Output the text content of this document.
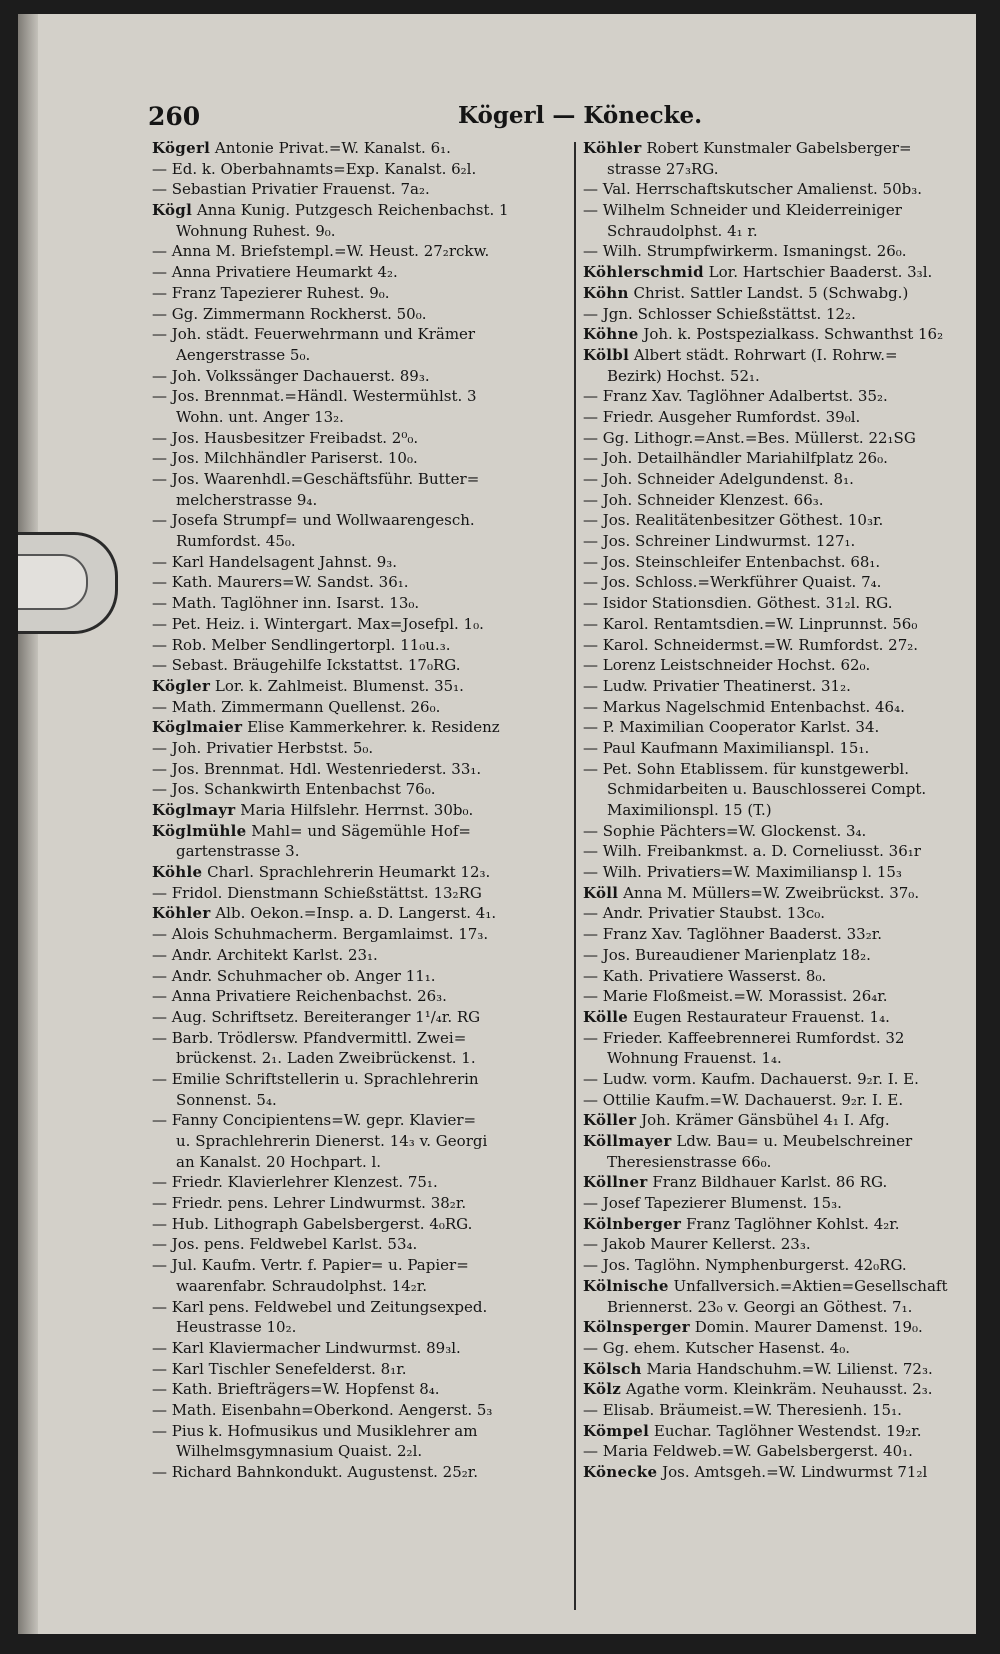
260	Kögerl — Könecke.
Kögerl Antonie Privat.=W. Kanalst. 6₁.
— Ed. k. Oberbahnamts=Exp. Kanalst. 6₂l.
— Sebastian Privatier Frauenst. 7a₂.
Kögl Anna Kunig. Putzgesch Reichenbachst. 1
Wohnung Ruhest. 9₀.
— Anna M. Briefstempl.=W. Heust. 27₂rckw.
— Anna Privatiere Heumarkt 4₂.
— Franz Tapezierer Ruhest. 9₀.
— Gg. Zimmermann Rockherst. 50₀.
— Joh. städt. Feuerwehrmann und Krämer
Aengerstrasse 5₀.
— Joh. Volkssänger Dachauerst. 89₃.
— Jos. Brennmat.=Händl. Westermühlst. 3
Wohn. unt. Anger 13₂.
— Jos. Hausbesitzer Freibadst. 2⁰₀.
— Jos. Milchhändler Pariserst. 10₀.
— Jos. Waarenhdl.=Geschäftsführ. Butter=
melcherstrasse 9₄.
— Josefa Strumpf= und Wollwaarengesch.
Rumfordst. 45₀.
— Karl Handelsagent Jahnst. 9₃.
— Kath. Maurers=W. Sandst. 36₁.
— Math. Taglöhner inn. Isarst. 13₀.
— Pet. Heiz. i. Wintergart. Max=Josefpl. 1₀.
— Rob. Melber Sendlingertorpl. 11₀u.₃.
— Sebast. Bräugehilfe Ickstattst. 17₀RG.
Kögler Lor. k. Zahlmeist. Blumenst. 35₁.
— Math. Zimmermann Quellenst. 26₀.
Köglmaier Elise Kammerkehrer. k. Residenz
— Joh. Privatier Herbstst. 5₀.
— Jos. Brennmat. Hdl. Westenriederst. 33₁.
— Jos. Schankwirth Entenbachst 76₀.
Köglmayr Maria Hilfslehr. Herrnst. 30b₀.
Köglmühle Mahl= und Sägemühle Hof=
gartenstrasse 3.
Köhle Charl. Sprachlehrerin Heumarkt 12₃.
— Fridol. Dienstmann Schießstättst. 13₂RG
Köhler Alb. Oekon.=Insp. a. D. Langerst. 4₁.
— Alois Schuhmacherm. Bergamlaimst. 17₃.
— Andr. Architekt Karlst. 23₁.
— Andr. Schuhmacher ob. Anger 11₁.
— Anna Privatiere Reichenbachst. 26₃.
— Aug. Schriftsetz. Bereiteranger 1¹/₄r. RG
— Barb. Trödlersw. Pfandvermittl. Zwei=
brückenst. 2₁. Laden Zweibrückenst. 1.
— Emilie Schriftstellerin u. Sprachlehrerin
Sonnenst. 5₄.
— Fanny Concipientens=W. gepr. Klavier=
u. Sprachlehrerin Dienerst. 14₃ v. Georgi
an Kanalst. 20 Hochpart. l.
— Friedr. Klavierlehrer Klenzest. 75₁.
— Friedr. pens. Lehrer Lindwurmst. 38₂r.
— Hub. Lithograph Gabelsbergerst. 4₀RG.
— Jos. pens. Feldwebel Karlst. 53₄.
— Jul. Kaufm. Vertr. f. Papier= u. Papier=
waarenfabr. Schraudolphst. 14₂r.
— Karl pens. Feldwebel und Zeitungsexped.
Heustrasse 10₂.
— Karl Klaviermacher Lindwurmst. 89₃l.
— Karl Tischler Senefelderst. 8₁r.
— Kath. Briefträgers=W. Hopfenst 8₄.
— Math. Eisenbahn=Oberkond. Aengerst. 5₃
— Pius k. Hofmusikus und Musiklehrer am
Wilhelmsgymnasium Quaist. 2₂l.
— Richard Bahnkondukt. Augustenst. 25₂r.
Köhler Robert Kunstmaler Gabelsberger=
strasse 27₃RG.
— Val. Herrschaftskutscher Amalienst. 50b₃.
— Wilhelm Schneider und Kleiderreiniger
Schraudolphst. 4₁ r.
— Wilh. Strumpfwirkerm. Ismaningst. 26₀.
Köhlerschmid Lor. Hartschier Baaderst. 3₃l.
Köhn Christ. Sattler Landst. 5 (Schwabg.)
— Jgn. Schlosser Schießstättst. 12₂.
Köhne Joh. k. Postspezialkass. Schwanthst 16₂
Kölbl Albert städt. Rohrwart (I. Rohrw.=
Bezirk) Hochst. 52₁.
— Franz Xav. Taglöhner Adalbertst. 35₂.
— Friedr. Ausgeher Rumfordst. 39₀l.
— Gg. Lithogr.=Anst.=Bes. Müllerst. 22₁SG
— Joh. Detailhändler Mariahilfplatz 26₀.
— Joh. Schneider Adelgundenst. 8₁.
— Joh. Schneider Klenzest. 66₃.
— Jos. Realitätenbesitzer Göthest. 10₃r.
— Jos. Schreiner Lindwurmst. 127₁.
— Jos. Steinschleifer Entenbachst. 68₁.
— Jos. Schloss.=Werkführer Quaist. 7₄.
— Isidor Stationsdien. Göthest. 31₂l. RG.
— Karol. Rentamtsdien.=W. Linprunnst. 56₀
— Karol. Schneidermst.=W. Rumfordst. 27₂.
— Lorenz Leistschneider Hochst. 62₀.
— Ludw. Privatier Theatinerst. 31₂.
— Markus Nagelschmid Entenbachst. 46₄.
— P. Maximilian Cooperator Karlst. 34.
— Paul Kaufmann Maximilianspl. 15₁.
— Pet. Sohn Etablissem. für kunstgewerbl.
Schmidarbeiten u. Bauschlosserei Compt.
Maximilionspl. 15 (T.)
— Sophie Pächters=W. Glockenst. 3₄.
— Wilh. Freibankmst. a. D. Corneliusst. 36₁r
— Wilh. Privatiers=W. Maximiliansp l. 15₃
Köll Anna M. Müllers=W. Zweibrückst. 37₀.
— Andr. Privatier Staubst. 13c₀.
— Franz Xav. Taglöhner Baaderst. 33₂r.
— Jos. Bureaudiener Marienplatz 18₂.
— Kath. Privatiere Wasserst. 8₀.
— Marie Floßmeist.=W. Morassist. 26₄r.
Kölle Eugen Restaurateur Frauenst. 1₄.
— Frieder. Kaffeebrennerei Rumfordst. 32
Wohnung Frauenst. 1₄.
— Ludw. vorm. Kaufm. Dachauerst. 9₂r. I. E.
— Ottilie Kaufm.=W. Dachauerst. 9₂r. I. E.
Köller Joh. Krämer Gänsbühel 4₁ I. Afg.
Köllmayer Ldw. Bau= u. Meubelschreiner
Theresienstrasse 66₀.
Köllner Franz Bildhauer Karlst. 86 RG.
— Josef Tapezierer Blumenst. 15₃.
Kölnberger Franz Taglöhner Kohlst. 4₂r.
— Jakob Maurer Kellerst. 23₃.
— Jos. Taglöhn. Nymphenburgerst. 42₀RG.
Kölnische Unfallversich.=Aktien=Gesellschaft
Briennerst. 23₀ v. Georgi an Göthest. 7₁.
Kölnsperger Domin. Maurer Damenst. 19₀.
— Gg. ehem. Kutscher Hasenst. 4₀.
Kölsch Maria Handschuhm.=W. Lilienst. 72₃.
Kölz Agathe vorm. Kleinkräm. Neuhausst. 2₃.
— Elisab. Bräumeist.=W. Theresienh. 15₁.
Kömpel Euchar. Taglöhner Westendst. 19₂r.
— Maria Feldweb.=W. Gabelsbergerst. 40₁.
Könecke Jos. Amtsgeh.=W. Lindwurmst 71₂l
